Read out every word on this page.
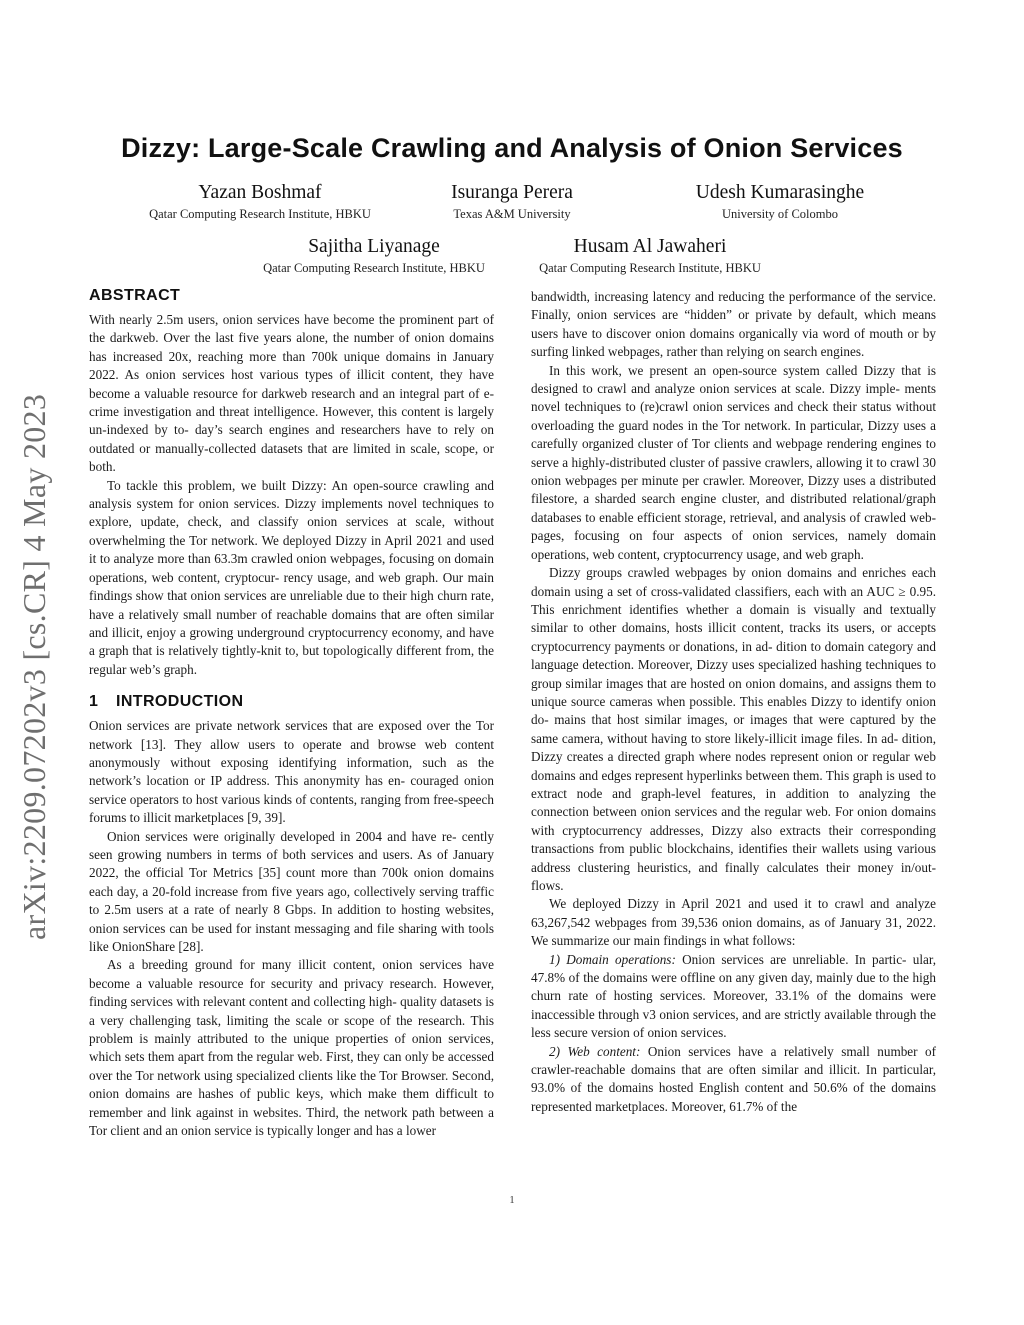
Dizzy: Large-Scale Crawling and Analysis of Onion Services
Yazan Boshmaf
Qatar Computing Research Institute, HBKU
Isuranga Perera
Texas A&M University
Udesh Kumarasinghe
University of Colombo
Sajitha Liyanage
Qatar Computing Research Institute, HBKU
Husam Al Jawaheri
Qatar Computing Research Institute, HBKU
arXiv:2209.07202v3 [cs.CR] 4 May 2023
ABSTRACT

With nearly 2.5m users, onion services have become the prominent part of the darkweb. Over the last five years alone, the number of onion domains has increased 20x, reaching more than 700k unique domains in January 2022. As onion services host various types of illicit content, they have become a valuable resource for darkweb research and an integral part of e-crime investigation and threat intelligence. However, this content is largely un-indexed by to- day’s search engines and researchers have to rely on outdated or manually-collected datasets that are limited in scale, scope, or both.

To tackle this problem, we built Dizzy: An open-source crawling and analysis system for onion services. Dizzy implements novel techniques to explore, update, check, and classify onion services at scale, without overwhelming the Tor network. We deployed Dizzy in April 2021 and used it to analyze more than 63.3m crawled onion webpages, focusing on domain operations, web content, cryptocur- rency usage, and web graph. Our main findings show that onion services are unreliable due to their high churn rate, have a relatively small number of reachable domains that are often similar and illicit, enjoy a growing underground cryptocurrency economy, and have a graph that is relatively tightly-knit to, but topologically different from, the regular web’s graph.

1 INTRODUCTION

Onion services are private network services that are exposed over the Tor network [13]. They allow users to operate and browse web content anonymously without exposing identifying information, such as the network’s location or IP address. This anonymity has en- couraged onion service operators to host various kinds of contents, ranging from free-speech forums to illicit marketplaces [9, 39].

Onion services were originally developed in 2004 and have re- cently seen growing numbers in terms of both services and users. As of January 2022, the official Tor Metrics [35] count more than 700k onion domains each day, a 20-fold increase from five years ago, collectively serving traffic to 2.5m users at a rate of nearly 8 Gbps. In addition to hosting websites, onion services can be used for instant messaging and file sharing with tools like OnionShare [28].

As a breeding ground for many illicit content, onion services have become a valuable resource for security and privacy research. However, finding services with relevant content and collecting high- quality datasets is a very challenging task, limiting the scale or scope of the research. This problem is mainly attributed to the unique properties of onion services, which sets them apart from the regular web. First, they can only be accessed over the Tor network using specialized clients like the Tor Browser. Second, onion domains are hashes of public keys, which make them difficult to remember and link against in websites. Third, the network path between a Tor client and an onion service is typically longer and has a lower

bandwidth, increasing latency and reducing the performance of the service. Finally, onion services are “hidden” or private by default, which means users have to discover onion domains organically via word of mouth or by surfing linked webpages, rather than relying on search engines.

In this work, we present an open-source system called Dizzy that is designed to crawl and analyze onion services at scale. Dizzy imple- ments novel techniques to (re)crawl onion services and check their status without overloading the guard nodes in the Tor network. In particular, Dizzy uses a carefully organized cluster of Tor clients and webpage rendering engines to serve a highly-distributed cluster of passive crawlers, allowing it to crawl 30 onion webpages per minute per crawler. Moreover, Dizzy uses a distributed filestore, a sharded search engine cluster, and distributed relational/graph databases to enable efficient storage, retrieval, and analysis of crawled web- pages, focusing on four aspects of onion services, namely domain operations, web content, cryptocurrency usage, and web graph.

Dizzy groups crawled webpages by onion domains and enriches each domain using a set of cross-validated classifiers, each with an AUC ≥ 0.95. This enrichment identifies whether a domain is visually and textually similar to other domains, hosts illicit content, tracks its users, or accepts cryptocurrency payments or donations, in ad- dition to domain category and language detection. Moreover, Dizzy uses specialized hashing techniques to group similar images that are hosted on onion domains, and assigns them to unique source cameras when possible. This enables Dizzy to identify onion do- mains that host similar images, or images that were captured by the same camera, without having to store likely-illicit image files. In ad- dition, Dizzy creates a directed graph where nodes represent onion or regular web domains and edges represent hyperlinks between them. This graph is used to extract node and graph-level features, in addition to analyzing the connection between onion services and the regular web. For onion domains with cryptocurrency addresses, Dizzy also extracts their corresponding transactions from public blockchains, identifies their wallets using various address clustering heuristics, and finally calculates their money in/out-flows.

We deployed Dizzy in April 2021 and used it to crawl and analyze 63,267,542 webpages from 39,536 onion domains, as of January 31, 2022. We summarize our main findings in what follows:

1) Domain operations: Onion services are unreliable. In partic- ular, 47.8% of the domains were offline on any given day, mainly due to the high churn rate of hosting services. Moreover, 33.1% of the domains were inaccessible through v3 onion services, and are strictly available through the less secure version of onion services.

2) Web content: Onion services have a relatively small number of crawler-reachable domains that are often similar and illicit. In particular, 93.0% of the domains hosted English content and 50.6% of the domains represented marketplaces. Moreover, 61.7% of the

1
